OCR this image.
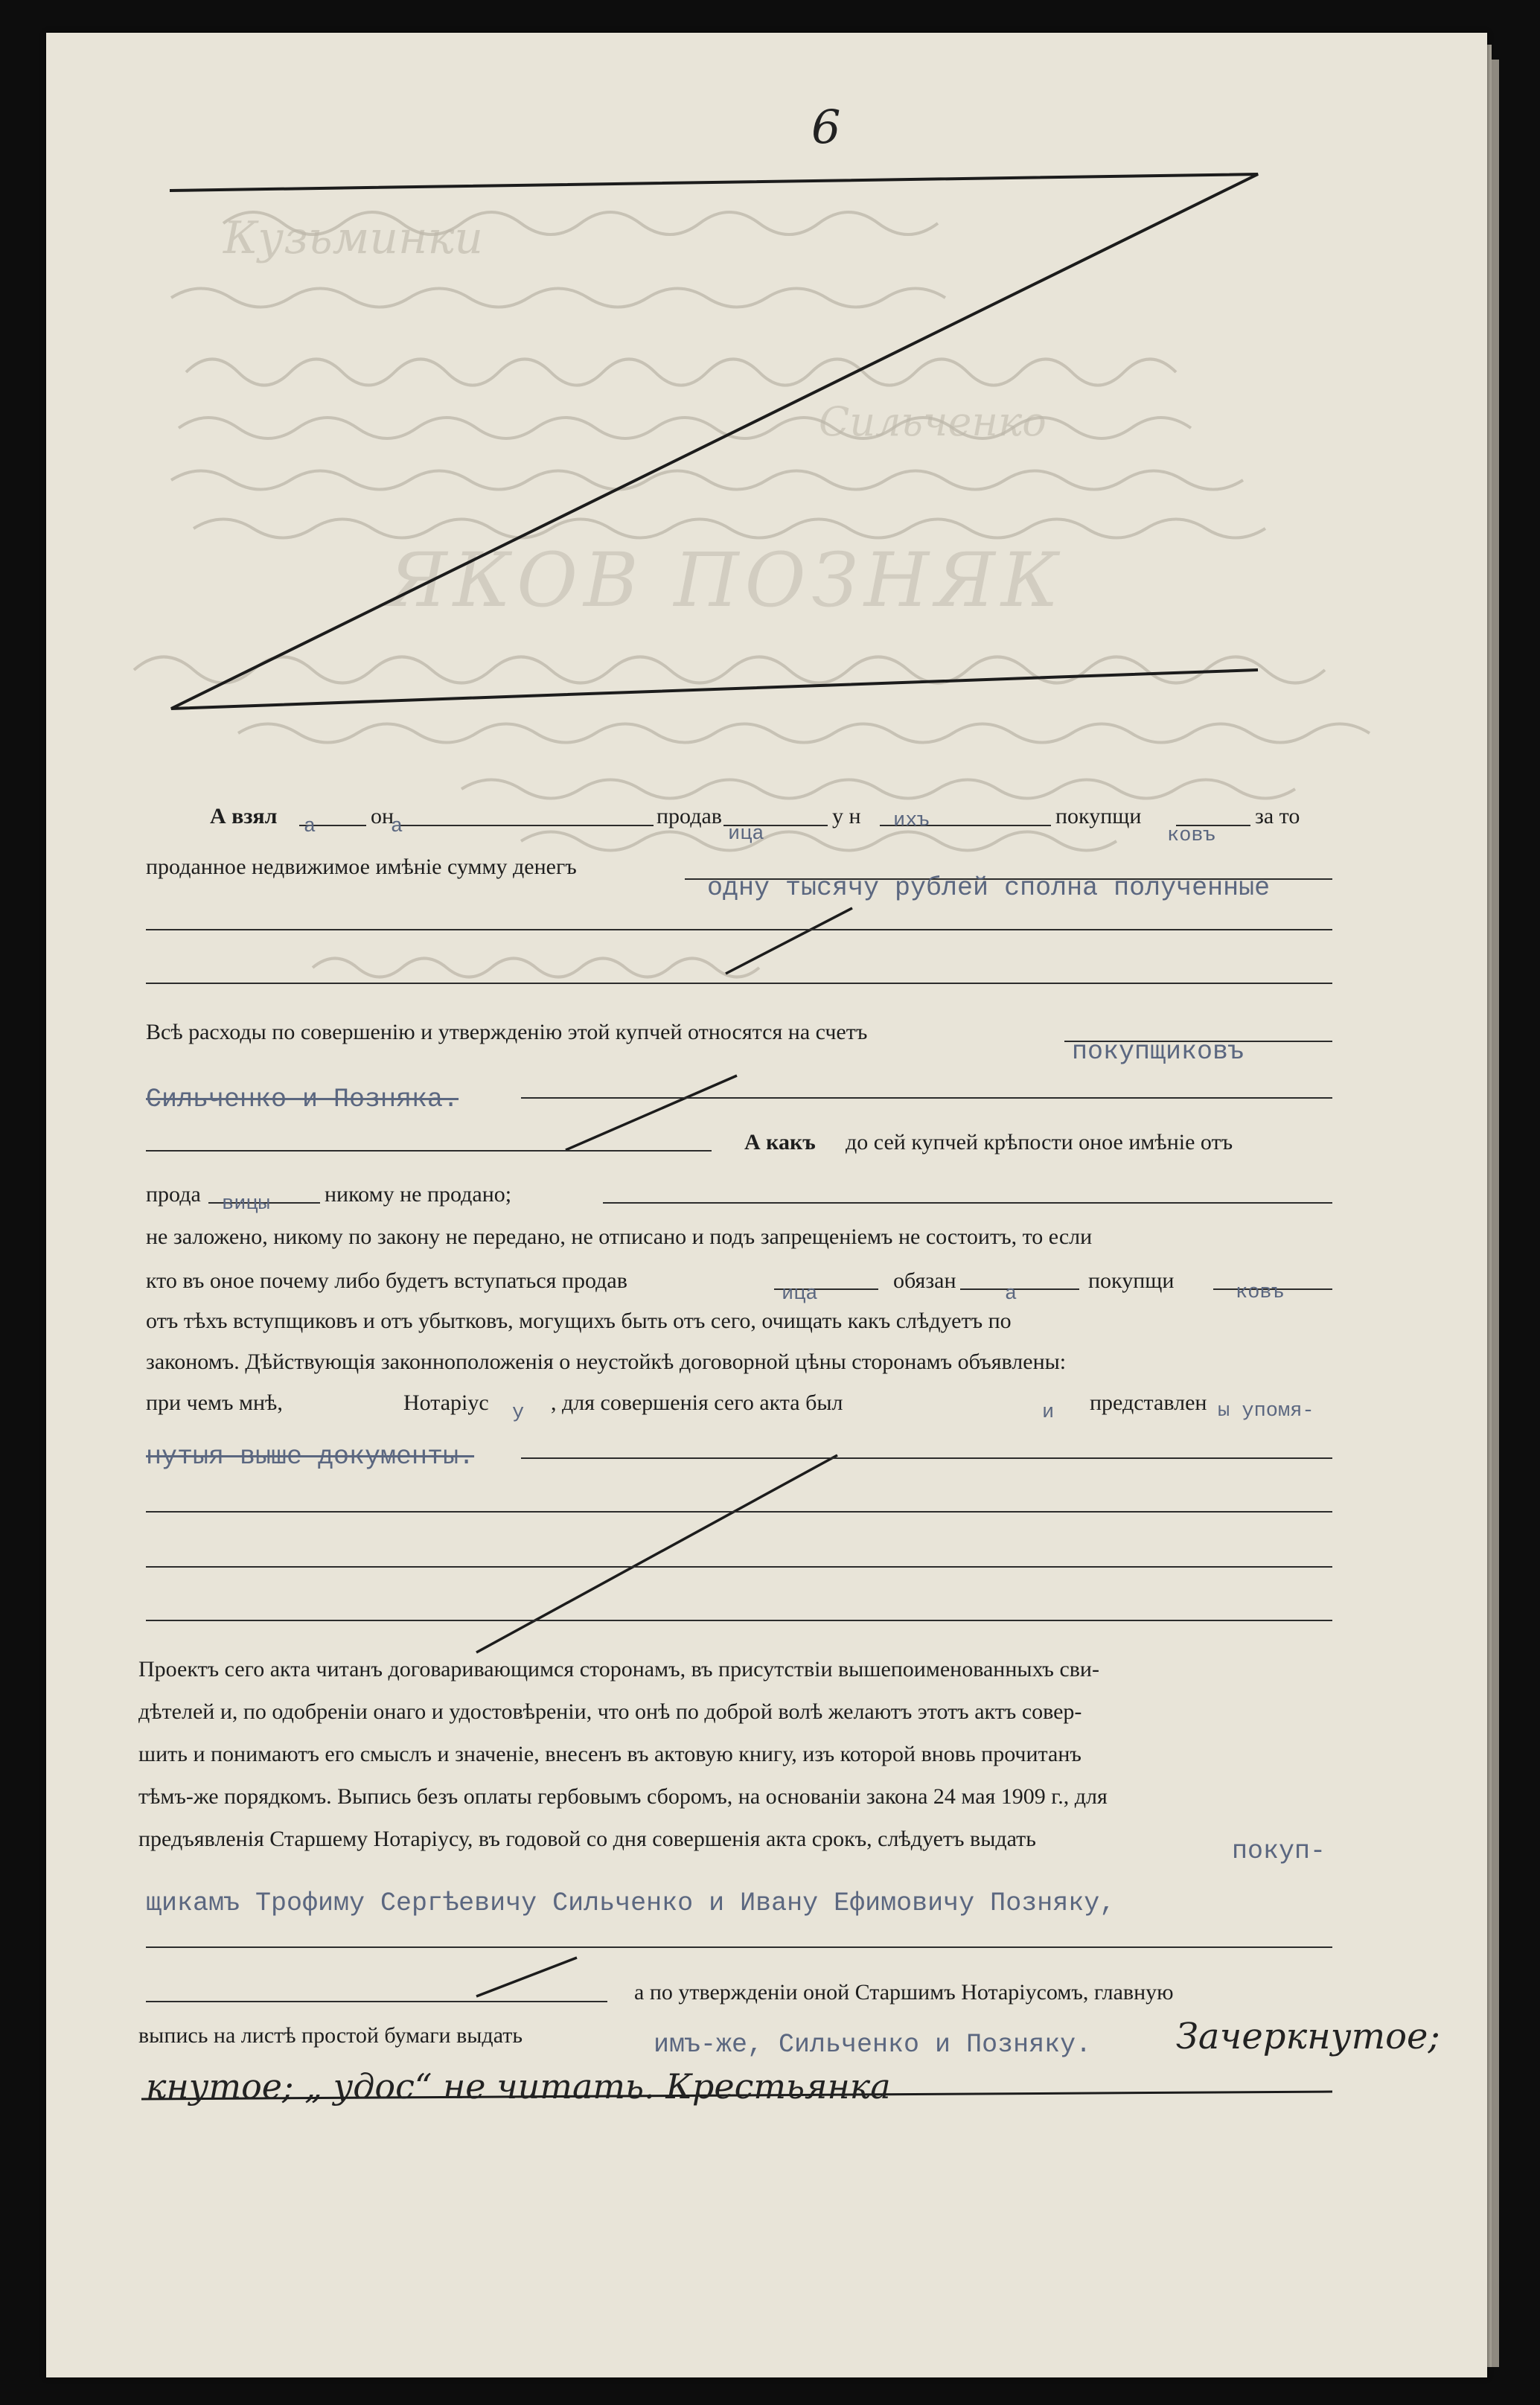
Кузьминки
ЯКОВ ПОЗНЯК
Сильченко
6
А взял	он	продав	у н	покупщи	за то
а	а	ица
ихъ
ковъ
проданное недвижимое имѣніе сумму денегъ
одну тысячу рублей сполна полученные
Всѣ расходы по совершенію и утвержденію этой купчей относятся на счетъ
покупщиковъ
Сильченко и Позняка.
А какъ до сей купчей крѣпости оное имѣніе отъ
прода вицы никому не продано;
не заложено, никому по закону не передано, не отписано и подъ запрещеніемъ не состоитъ, то если
кто въ оное почему либо будетъ вступаться продав
ица
обязан
а
покупщи	ковъ
отъ тѣхъ вступщиковъ и отъ убытковъ, могущихъ быть отъ сего, очищать какъ слѣдуетъ по
закономъ. Дѣйствующія законноположенія о неустойкѣ договорной цѣны сторонамъ объявлены:
при чемъ мнѣ,	Нотаріус у , для совершенія сего акта был	и представлен ы упомя-
нутыя выше документы.
Проектъ сего акта читанъ договаривающимся сторонамъ, въ присутствіи вышепоименованныхъ сви-
дѣтелей и, по одобреніи онаго и удостовѣреніи, что онѣ по доброй волѣ желаютъ этотъ актъ совер-
шить и понимаютъ его смыслъ и значеніе, внесенъ въ актовую книгу, изъ которой вновь прочитанъ
тѣмъ-же порядкомъ. Выпись безъ оплаты гербовымъ сборомъ, на основаніи закона 24 мая 1909 г., для
предъявленія Старшему Нотаріусу, въ годовой со дня совершенія акта срокъ, слѣдуетъ выдать	покуп-
щикамъ Трофиму Сергѣевичу Сильченко и Ивану Ефимовичу Позняку,
а по утвержденіи оной Старшимъ Нотаріусомъ, главную
выпись на листѣ простой бумаги выдать	имъ-же, Сильченко и Позняку. Зачеркнутое;
кнутое; „ удос“ не читать. Крестьянка
